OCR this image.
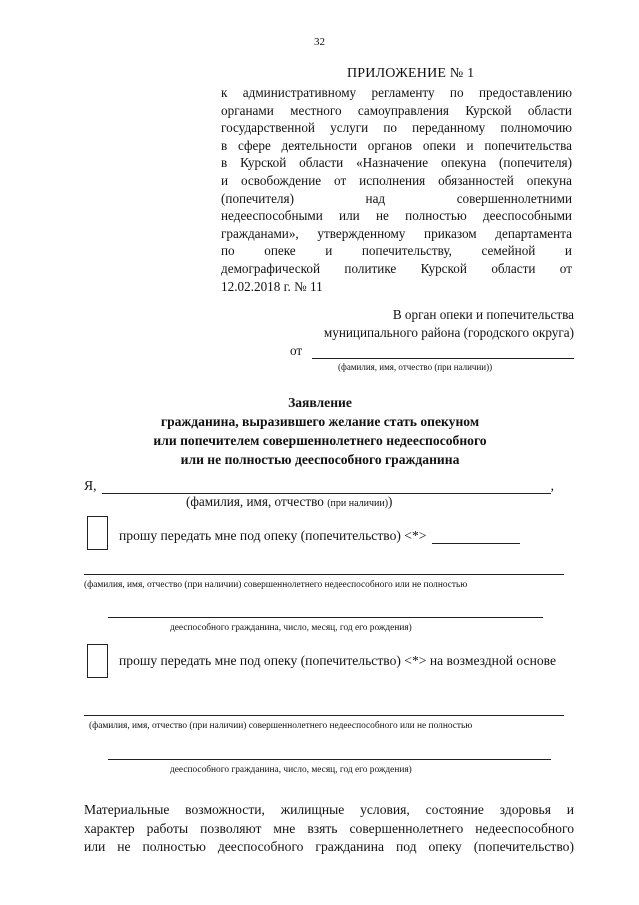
32
ПРИЛОЖЕНИЕ № 1
к административному регламенту по предоставлению
органами местного самоуправления Курской области
государственной услуги по переданному полномочию
в сфере деятельности органов опеки и попечительства
в Курской области «Назначение опекуна (попечителя)
и освобождение от исполнения обязанностей опекуна
(попечителя) над совершеннолетними
недееспособными или не полностью дееспособными
гражданами», утвержденному приказом департамента
по опеке и попечительству, семейной и
демографической политике Курской области от
12.02.2018 г. № 11
В орган опеки и попечительства
муниципального района (городского округа)
от
(фамилия, имя, отчество (при наличии))
Заявление
гражданина, выразившего желание стать опекуном
или попечителем совершеннолетнего недееспособного
или не полностью дееспособного гражданина
Я,	,
(фамилия, имя, отчество (при наличии))
прошу передать мне под опеку (попечительство) <*>
(фамилия, имя, отчество (при наличии) совершеннолетнего недееспособного или не полностью
дееспособного гражданина, число, месяц, год его рождения)
прошу передать мне под опеку (попечительство) <*> на возмездной основе
(фамилия, имя, отчество (при наличии) совершеннолетнего недееспособного или не полностью
дееспособного гражданина, число, месяц, год его рождения)
Материальные возможности, жилищные условия, состояние здоровья и
характер работы позволяют мне взять совершеннолетнего недееспособного
или не полностью дееспособного гражданина под опеку (попечительство)
